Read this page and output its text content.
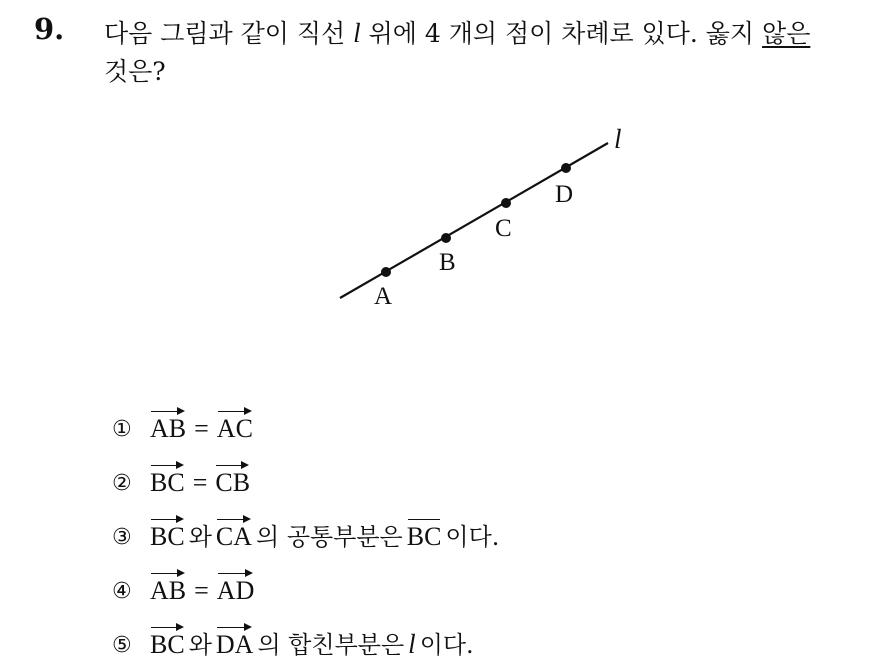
9. 다음 그림과 같이 직선 l 위에 4 개의 점이 차례로 있다. 옳지 않은
것은?
l
A
B
C
D
① AB = AC
② BC = CB
③ BC 와 CA 의 공통부분은 BC 이다.
④ AB = AD
⑤ BC 와 DA 의 합친부분은 l 이다.
